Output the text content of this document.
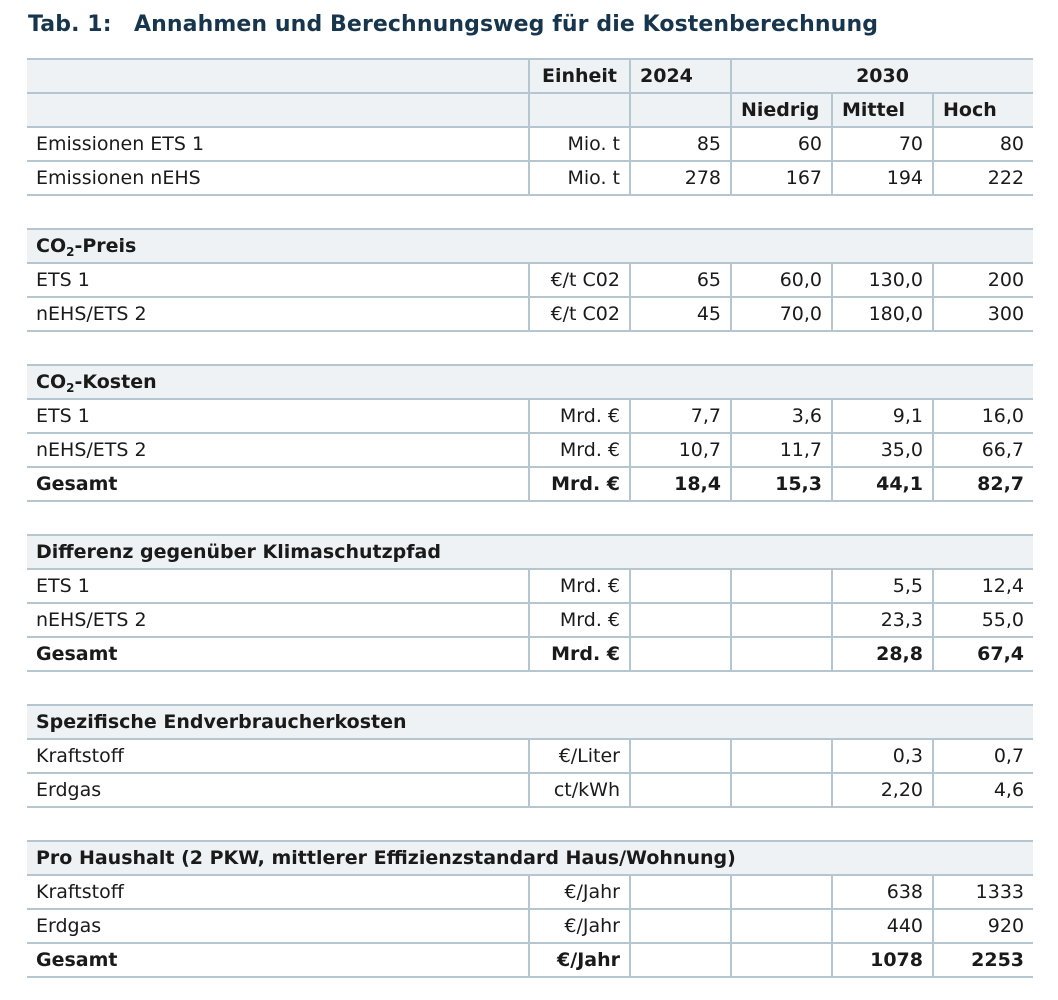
Tab. 1: Annahmen und Berechnungsweg für die Kostenberechnung
	Einheit	2024	2030		
			Niedrig	Mittel	Hoch
Emissionen ETS 1	Mio. t	85	60	70	80
Emissionen nEHS	Mio. t	278	167	194	222

$CO_2$-Preis					
ETS 1	€/t C02	65	60,0	130,0	200
nEHS/ETS 2	€/t C02	45	70,0	180,0	300

$CO_2$-Kosten					
ETS 1	Mrd. €	7,7	3,6	9,1	16,0
nEHS/ETS 2	Mrd. €	10,7	11,7	35,0	66,7
Gesamt	Mrd. €	18,4	15,3	44,1	82,7

Differenz gegenüber Klimaschutzpfad					
ETS 1	Mrd. €			5,5	12,4
nEHS/ETS 2	Mrd. €			23,3	55,0
Gesamt	Mrd. €			28,8	67,4

Spezifische Endverbraucherkosten					
Kraftstoff	€/Liter			0,3	0,7
Erdgas	ct/kWh			2,20	4,6

Pro Haushalt (2 PKW, mittlerer Effizienzstandard Haus/Wohnung)					
Kraftstoff	€/Jahr			638	1333
Erdgas	€/Jahr			440	920
Gesamt	€/Jahr			1078	2253
